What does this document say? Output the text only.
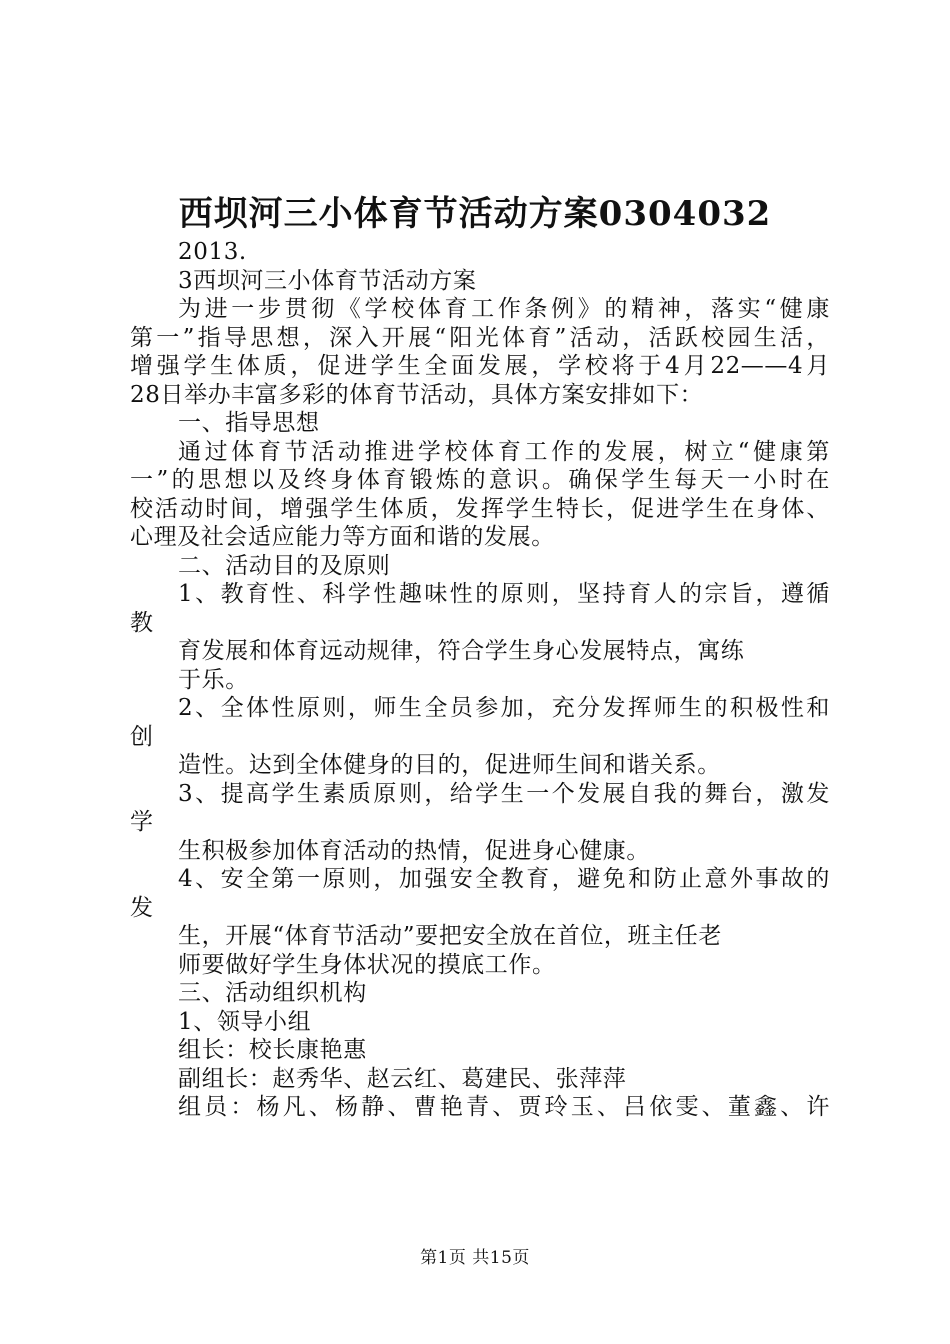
西坝河三小体育节活动方案0304032
2013.
3西坝河三小体育节活动方案
为进一步贯彻《学校体育工作条例》的精神，落实“健康
第一”指导思想，深入开展“阳光体育”活动，活跃校园生活，
增强学生体质，促进学生全面发展，学校将于4月22——4月
28日举办丰富多彩的体育节活动，具体方案安排如下：
一、指导思想
通过体育节活动推进学校体育工作的发展，树立“健康第
一”的思想以及终身体育锻炼的意识。确保学生每天一小时在
校活动时间，增强学生体质，发挥学生特长，促进学生在身体、
心理及社会适应能力等方面和谐的发展。
二、活动目的及原则
1、教育性、科学性趣味性的原则，坚持育人的宗旨，遵循
教
育发展和体育远动规律，符合学生身心发展特点，寓练
于乐。
2、全体性原则，师生全员参加，充分发挥师生的积极性和
创
造性。达到全体健身的目的，促进师生间和谐关系。
3、提高学生素质原则，给学生一个发展自我的舞台，激发
学
生积极参加体育活动的热情，促进身心健康。
4、安全第一原则，加强安全教育，避免和防止意外事故的
发
生，开展“体育节活动”要把安全放在首位，班主任老
师要做好学生身体状况的摸底工作。
三、活动组织机构
1、领导小组
组长：校长康艳惠
副组长：赵秀华、赵云红、葛建民、张萍萍
组员：杨凡、杨静、曹艳青、贾玲玉、吕依雯、董鑫、许
第1页 共15页
